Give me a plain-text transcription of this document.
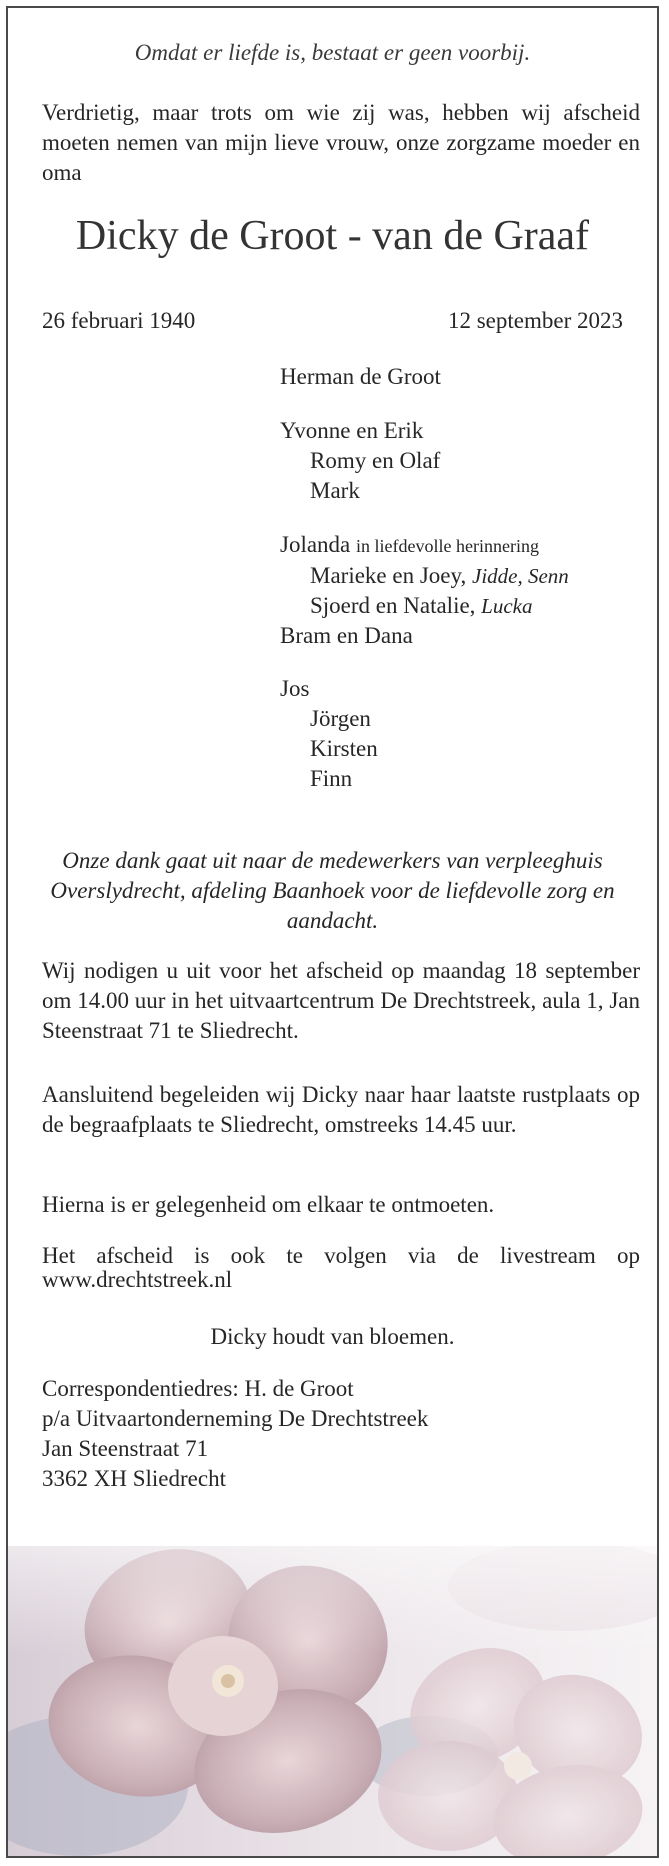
Omdat er liefde is, bestaat er geen voorbij.
Verdrietig, maar trots om wie zij was, hebben wij afscheid moeten nemen van mijn lieve vrouw, onze zorgzame moeder en oma
Dicky de Groot - van de Graaf
26 februari 1940	12 september 2023
Herman de Groot
Yvonne en Erik
Romy en Olaf
Mark
Jolanda in liefdevolle herinnering
Marieke en Joey, Jidde, Senn
Sjoerd en Natalie, Lucka
Bram en Dana
Jos
Jörgen
Kirsten
Finn
Onze dank gaat uit naar de medewerkers van verpleeghuis Overslydrecht, afdeling Baanhoek voor de liefdevolle zorg en aandacht.
Wij nodigen u uit voor het afscheid op maandag 18 september om 14.00 uur in het uitvaartcentrum De Drechtstreek, aula 1, Jan Steenstraat 71 te Sliedrecht.
Aansluitend begeleiden wij Dicky naar haar laatste rustplaats op de begraafplaats te Sliedrecht, omstreeks 14.45 uur.
Hierna is er gelegenheid om elkaar te ontmoeten.
Het afscheid is ook te volgen via de livestream op www.drechtstreek.nl
Dicky houdt van bloemen.
Correspondentiedres: H. de Groot
p/a Uitvaartonderneming De Drechtstreek
Jan Steenstraat 71
3362 XH Sliedrecht
